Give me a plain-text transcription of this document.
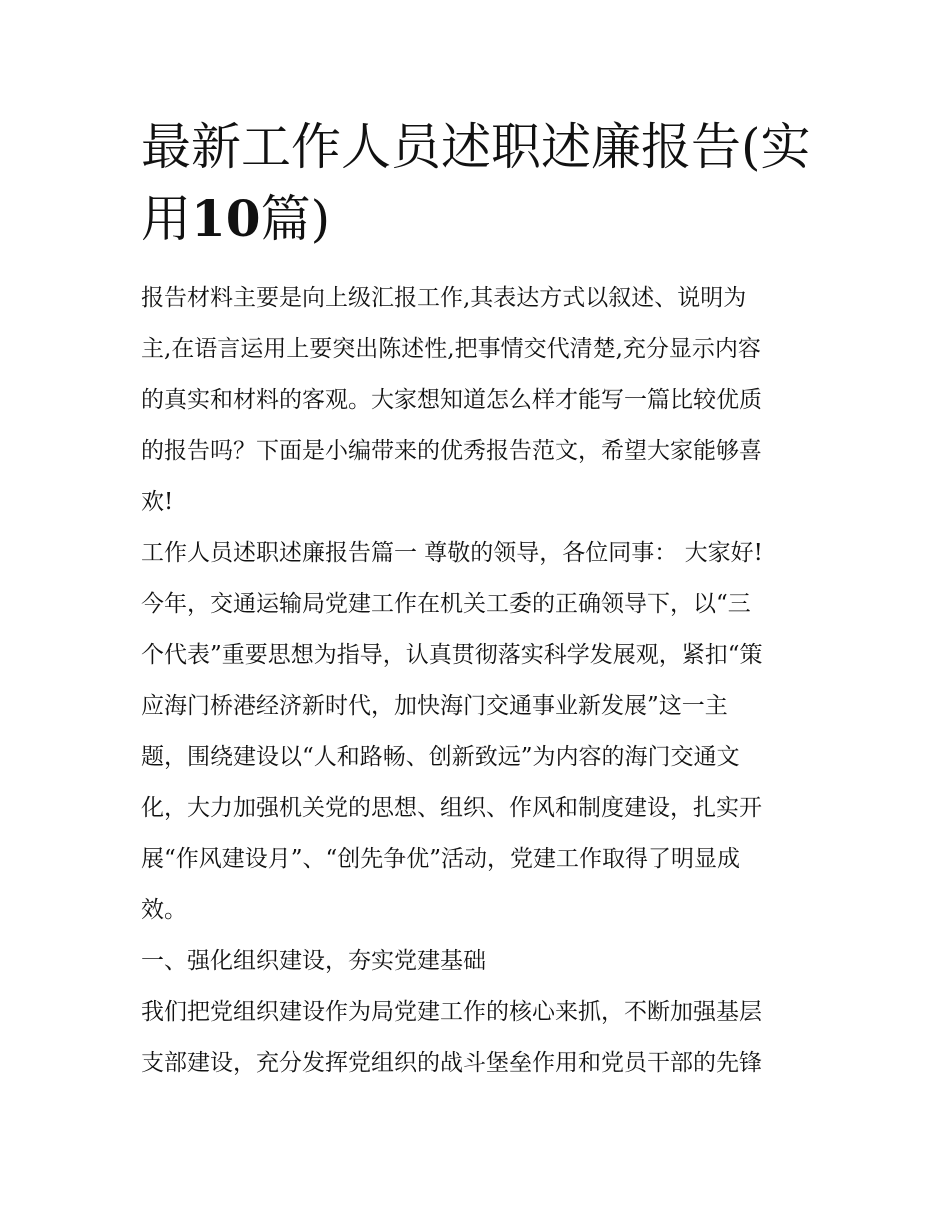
最新工作人员述职述廉报告(实
用10篇)

报告材料主要是向上级汇报工作,其表达方式以叙述、说明为
主,在语言运用上要突出陈述性,把事情交代清楚,充分显示内容
的真实和材料的客观。大家想知道怎么样才能写一篇比较优质
的报告吗？下面是小编带来的优秀报告范文，希望大家能够喜
欢!

工作人员述职述廉报告篇一 尊敬的领导，各位同事： 大家好!
今年，交通运输局党建工作在机关工委的正确领导下，以“三
个代表”重要思想为指导，认真贯彻落实科学发展观，紧扣“策
应海门桥港经济新时代，加快海门交通事业新发展”这一主
题，围绕建设以“人和路畅、创新致远”为内容的海门交通文
化，大力加强机关党的思想、组织、作风和制度建设，扎实开
展“作风建设月”、“创先争优”活动，党建工作取得了明显成
效。

一、强化组织建设，夯实党建基础

我们把党组织建设作为局党建工作的核心来抓，不断加强基层
支部建设，充分发挥党组织的战斗堡垒作用和党员干部的先锋
